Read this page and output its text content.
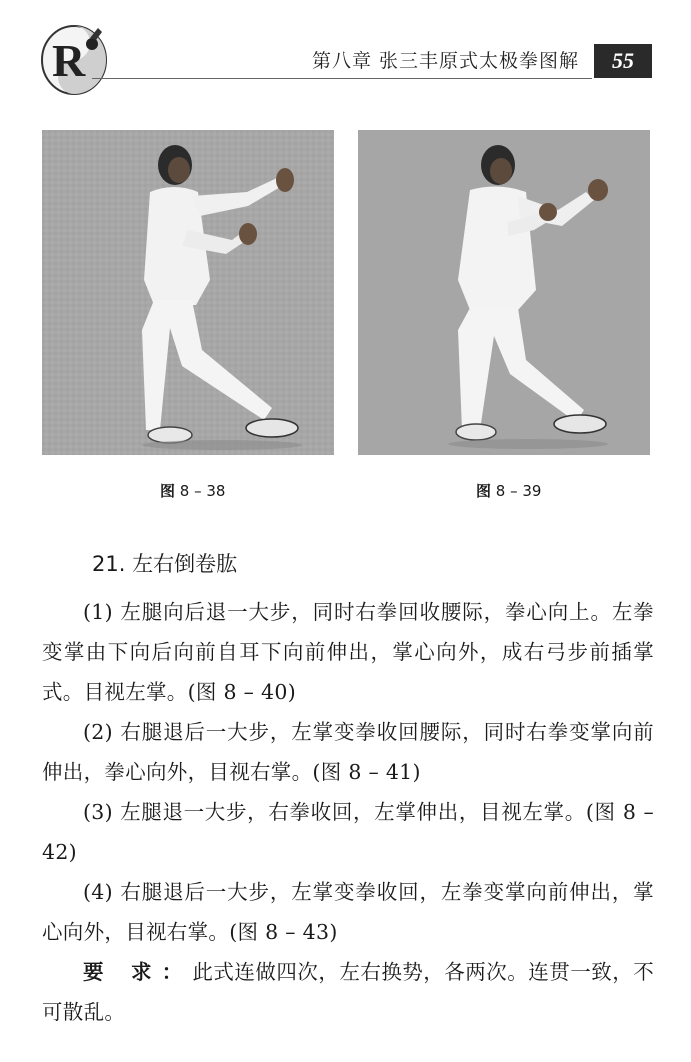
R	第八章 张三丰原式太极拳图解	55
图 8 – 38	图 8 – 39
21. 左右倒卷肱

(1) 左腿向后退一大步，同时右拳回收腰际，拳心向上。左拳变掌由下向后向前自耳下向前伸出，掌心向外，成右弓步前插掌式。目视左掌。(图 8 – 40)

(2) 右腿退后一大步，左掌变拳收回腰际，同时右拳变掌向前伸出，拳心向外，目视右掌。(图 8 – 41)

(3) 左腿退一大步，右拳收回，左掌伸出，目视左掌。(图 8 – 42)

(4) 右腿退后一大步，左掌变拳收回，左拳变掌向前伸出，掌心向外，目视右掌。(图 8 – 43)

要 求：此式连做四次，左右换势，各两次。连贯一致，不可散乱。
